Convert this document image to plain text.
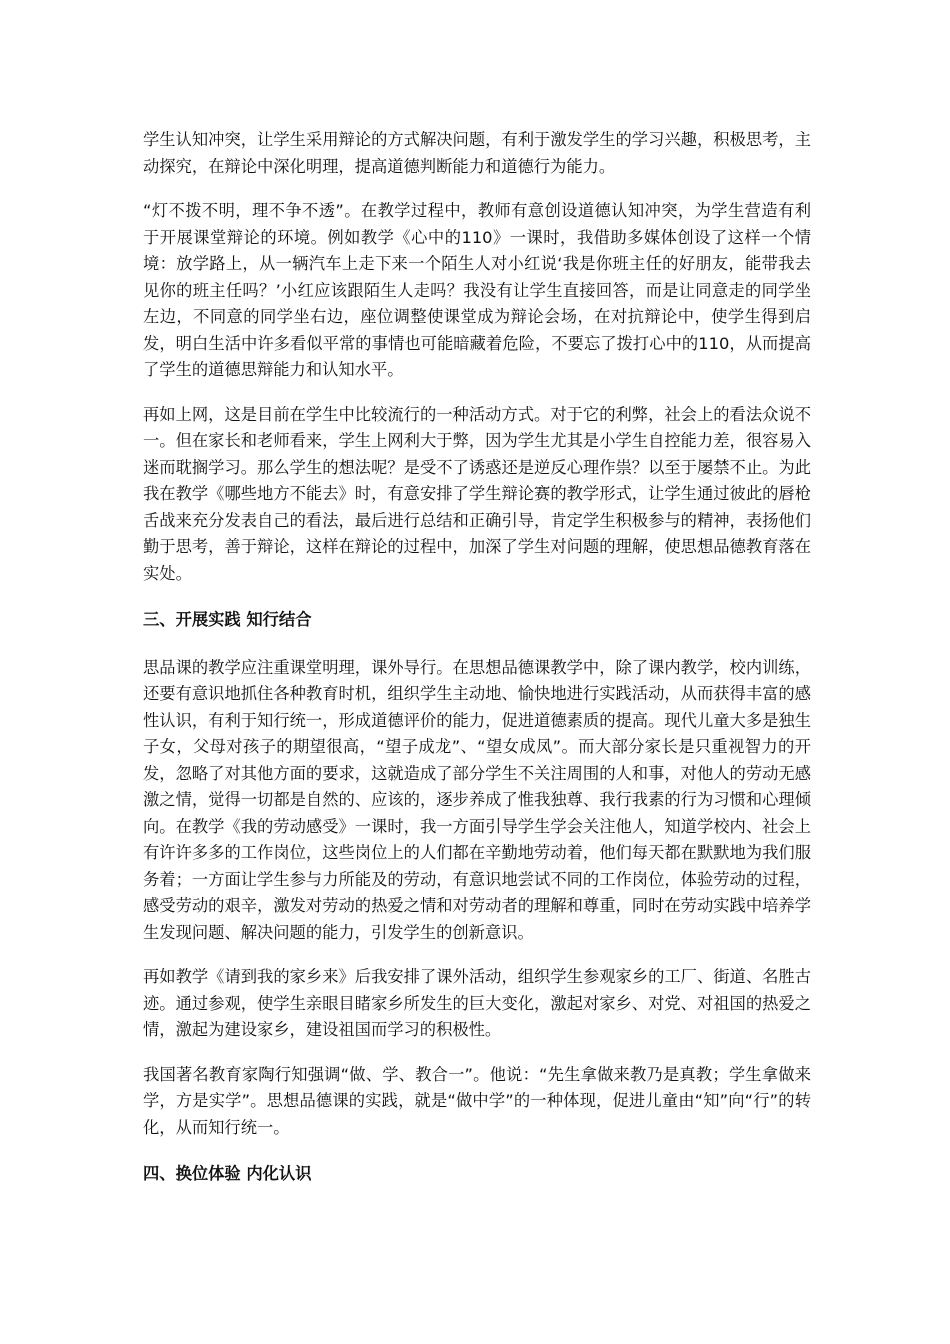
学生认知冲突，让学生采用辩论的方式解决问题，有利于激发学生的学习兴趣，积极思考，主动探究，在辩论中深化明理，提高道德判断能力和道德行为能力。

“灯不拨不明，理不争不透”。在教学过程中，教师有意创设道德认知冲突，为学生营造有利于开展课堂辩论的环境。例如教学《心中的110》一课时，我借助多媒体创设了这样一个情境：放学路上，从一辆汽车上走下来一个陌生人对小红说‘我是你班主任的好朋友，能带我去见你的班主任吗？’小红应该跟陌生人走吗？我没有让学生直接回答，而是让同意走的同学坐左边，不同意的同学坐右边，座位调整使课堂成为辩论会场，在对抗辩论中，使学生得到启发，明白生活中许多看似平常的事情也可能暗藏着危险，不要忘了拨打心中的110，从而提高了学生的道德思辩能力和认知水平。

再如上网，这是目前在学生中比较流行的一种活动方式。对于它的利弊，社会上的看法众说不一。但在家长和老师看来，学生上网利大于弊，因为学生尤其是小学生自控能力差，很容易入迷而耽搁学习。那么学生的想法呢？是受不了诱惑还是逆反心理作祟？以至于屡禁不止。为此我在教学《哪些地方不能去》时，有意安排了学生辩论赛的教学形式，让学生通过彼此的唇枪舌战来充分发表自己的看法，最后进行总结和正确引导，肯定学生积极参与的精神，表扬他们勤于思考，善于辩论，这样在辩论的过程中，加深了学生对问题的理解，使思想品德教育落在实处。

三、开展实践 知行结合

思品课的教学应注重课堂明理，课外导行。在思想品德课教学中，除了课内教学，校内训练，还要有意识地抓住各种教育时机，组织学生主动地、愉快地进行实践活动，从而获得丰富的感性认识，有利于知行统一，形成道德评价的能力，促进道德素质的提高。现代儿童大多是独生子女，父母对孩子的期望很高，“望子成龙”、“望女成凤”。而大部分家长是只重视智力的开发，忽略了对其他方面的要求，这就造成了部分学生不关注周围的人和事，对他人的劳动无感激之情，觉得一切都是自然的、应该的，逐步养成了惟我独尊、我行我素的行为习惯和心理倾向。在教学《我的劳动感受》一课时，我一方面引导学生学会关注他人，知道学校内、社会上有许许多多的工作岗位，这些岗位上的人们都在辛勤地劳动着，他们每天都在默默地为我们服务着；一方面让学生参与力所能及的劳动，有意识地尝试不同的工作岗位，体验劳动的过程，感受劳动的艰辛，激发对劳动的热爱之情和对劳动者的理解和尊重，同时在劳动实践中培养学生发现问题、解决问题的能力，引发学生的创新意识。

再如教学《请到我的家乡来》后我安排了课外活动，组织学生参观家乡的工厂、街道、名胜古迹。通过参观，使学生亲眼目睹家乡所发生的巨大变化，激起对家乡、对党、对祖国的热爱之情，激起为建设家乡，建设祖国而学习的积极性。

我国著名教育家陶行知强调“做、学、教合一”。他说：“先生拿做来教乃是真教；学生拿做来学，方是实学”。思想品德课的实践，就是“做中学”的一种体现，促进儿童由“知”向“行”的转化，从而知行统一。

四、换位体验 内化认识
